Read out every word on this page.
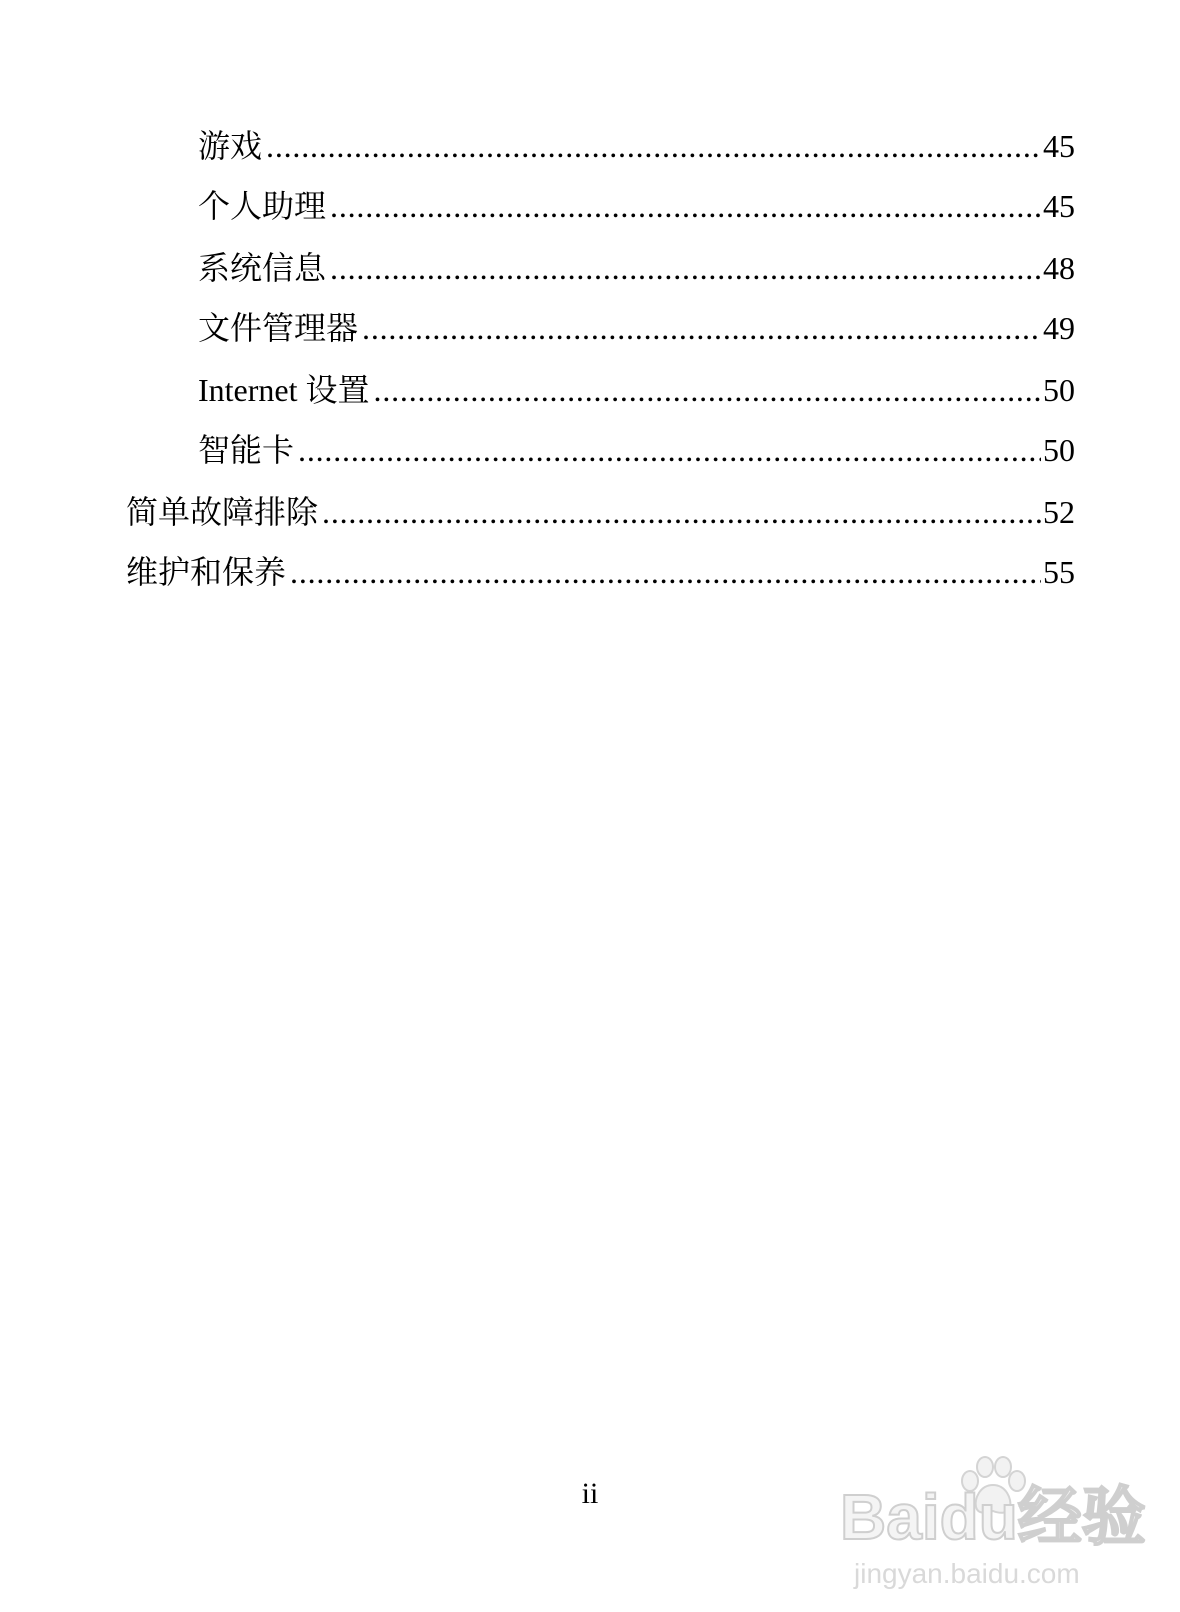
游戏 . . .	45
个人助理 . . .	45
系统信息 . . .	48
文件管理器 . . .	49
Internet 设置 . . .	50
智能卡 . . .	50
简单故障排除 . . .	52
维护和保养 . . .	55
ii	Baidu经验
jingyan.baidu.com
